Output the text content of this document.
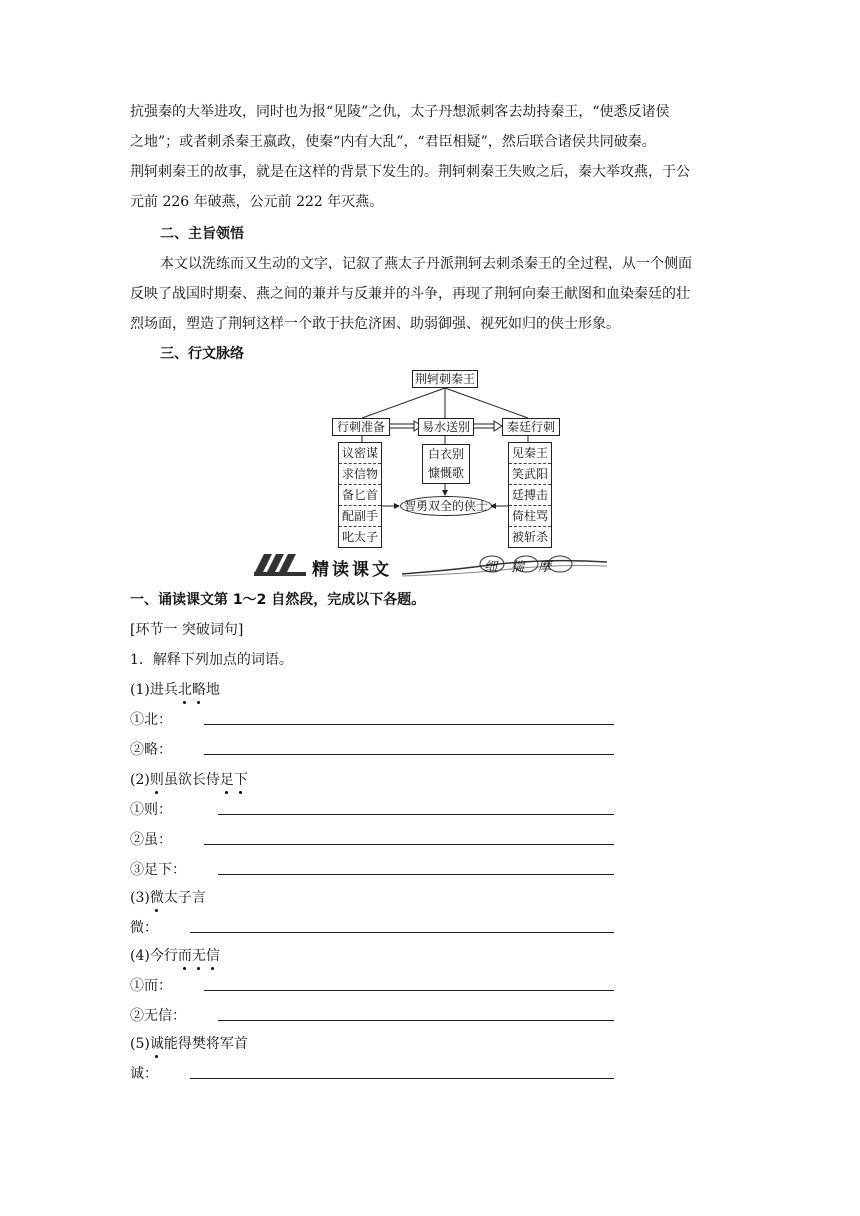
抗强秦的大举进攻，同时也为报“见陵”之仇，太子丹想派刺客去劫持秦王，“使悉反诸侯
之地”；或者刺杀秦王嬴政，使秦“内有大乱”，“君臣相疑”，然后联合诸侯共同破秦。
荆轲刺秦王的故事，就是在这样的背景下发生的。荆轲刺秦王失败之后，秦大举攻燕，于公
元前 226 年破燕，公元前 222 年灭燕。
二、主旨领悟
本文以洗练而又生动的文字，记叙了燕太子丹派荆轲去刺杀秦王的全过程，从一个侧面
反映了战国时期秦、燕之间的兼并与反兼并的斗争，再现了荆轲向秦王献图和血染秦廷的壮
烈场面，塑造了荆轲这样一个敢于扶危济困、助弱御强、视死如归的侠士形象。
三、行文脉络
荆轲刺秦王
行刺准备	易水送别	秦廷行刺
议密谋
求信物
备匕首
配副手
叱太子
白衣别
慷慨歌
见秦王
笑武阳
廷搏击
倚柱骂
被斩杀
智勇双全的侠士
精读课文	细揣摩
一、诵读课文第 1～2 自然段，完成以下各题。
[环节一 突破词句]
1．解释下列加点的词语。
(1)进兵北略地
①北：
②略：
(2)则虽欲长侍足下
①则：
②虽：
③足下：
(3)微太子言
微：
(4)今行而无信
①而：
②无信：
(5)诚能得樊将军首
诚：
